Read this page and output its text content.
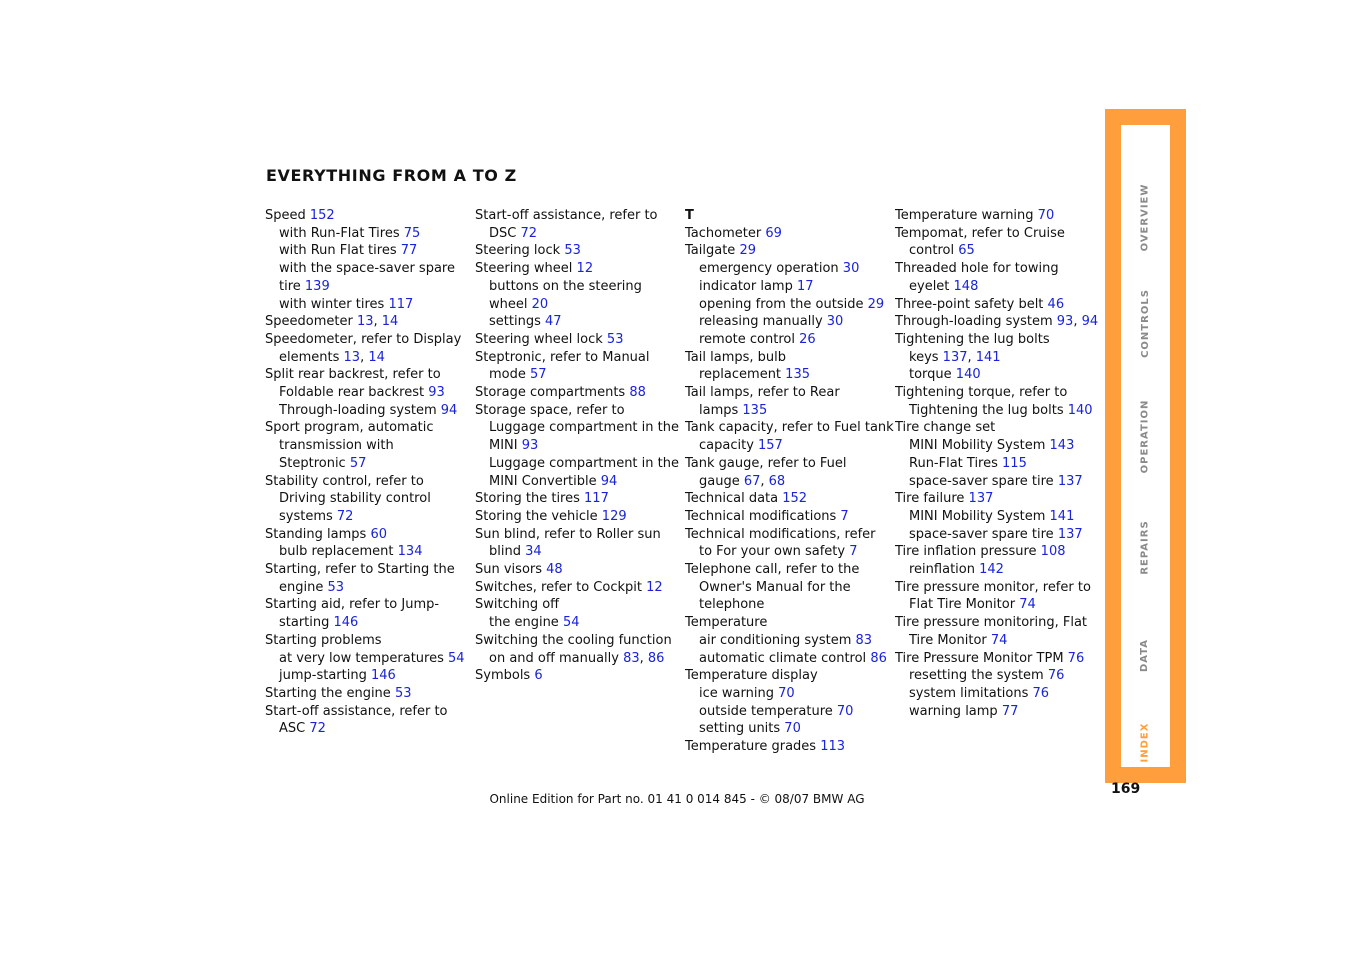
EVERYTHING FROM A TO Z
Speed 152
with Run-Flat Tires 75
with Run Flat tires 77
with the space-saver spare
tire 139
with winter tires 117
Speedometer 13, 14
Speedometer, refer to Display
elements 13, 14
Split rear backrest, refer to
Foldable rear backrest 93
Through-loading system 94
Sport program, automatic
transmission with
Steptronic 57
Stability control, refer to
Driving stability control
systems 72
Standing lamps 60
bulb replacement 134
Starting, refer to Starting the
engine 53
Starting aid, refer to Jump-
starting 146
Starting problems
at very low temperatures 54
jump-starting 146
Starting the engine 53
Start-off assistance, refer to
ASC 72
Start-off assistance, refer to
DSC 72
Steering lock 53
Steering wheel 12
buttons on the steering
wheel 20
settings 47
Steering wheel lock 53
Steptronic, refer to Manual
mode 57
Storage compartments 88
Storage space, refer to
Luggage compartment in the
MINI 93
Luggage compartment in the
MINI Convertible 94
Storing the tires 117
Storing the vehicle 129
Sun blind, refer to Roller sun
blind 34
Sun visors 48
Switches, refer to Cockpit 12
Switching off
the engine 54
Switching the cooling function
on and off manually 83, 86
Symbols 6
T
Tachometer 69
Tailgate 29
emergency operation 30
indicator lamp 17
opening from the outside 29
releasing manually 30
remote control 26
Tail lamps, bulb
replacement 135
Tail lamps, refer to Rear
lamps 135
Tank capacity, refer to Fuel tank
capacity 157
Tank gauge, refer to Fuel
gauge 67, 68
Technical data 152
Technical modifications 7
Technical modifications, refer
to For your own safety 7
Telephone call, refer to the
Owner's Manual for the
telephone
Temperature
air conditioning system 83
automatic climate control 86
Temperature display
ice warning 70
outside temperature 70
setting units 70
Temperature grades 113
Temperature warning 70
Tempomat, refer to Cruise
control 65
Threaded hole for towing
eyelet 148
Three-point safety belt 46
Through-loading system 93, 94
Tightening the lug bolts
keys 137, 141
torque 140
Tightening torque, refer to
Tightening the lug bolts 140
Tire change set
MINI Mobility System 143
Run-Flat Tires 115
space-saver spare tire 137
Tire failure 137
MINI Mobility System 141
space-saver spare tire 137
Tire inflation pressure 108
reinflation 142
Tire pressure monitor, refer to
Flat Tire Monitor 74
Tire pressure monitoring, Flat
Tire Monitor 74
Tire Pressure Monitor TPM 76
resetting the system 76
system limitations 76
warning lamp 77
OVERVIEW
CONTROLS
OPERATION
REPAIRS
DATA
INDEX
169
Online Edition for Part no. 01 41 0 014 845 - © 08/07 BMW AG
